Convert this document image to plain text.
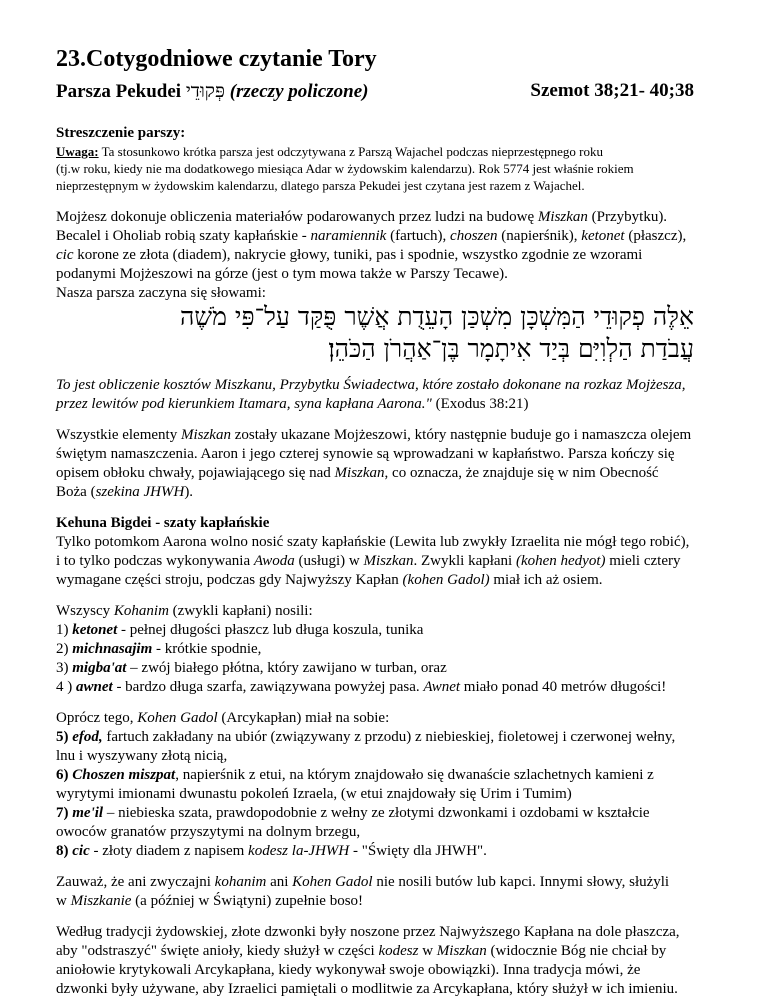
23.Cotygodniowe czytanie Tory
Parsza Pekudei פְּקוּדֵי (rzeczy policzone)	Szemot 38;21- 40;38
Streszczenie parszy:
Uwaga: Ta stosunkowo krótka parsza jest odczytywana z Parszą Wajachel podczas nieprzestępnego roku
(tj.w roku, kiedy nie ma dodatkowego miesiąca Adar w żydowskim kalendarzu). Rok 5774 jest właśnie rokiem
nieprzestępnym w żydowskim kalendarzu, dlatego parsza Pekudei jest czytana jest razem z Wajachel.
Mojżesz dokonuje obliczenia materiałów podarowanych przez ludzi na budowę Miszkan (Przybytku).
Becalel i Oholiab robią szaty kapłańskie - naramiennik (fartuch), choszen (napierśnik), ketonet (płaszcz),
cic korone ze złota (diadem), nakrycie głowy, tuniki, pas i spodnie, wszystko zgodnie ze wzorami
podanymi Mojżeszowi na górze (jest o tym mowa także w Parszy Tecawe).
Nasza parsza zaczyna się słowami:
אֵלֶּה פְקוּדֵי הַמִּשְׁכָּן מִשְׁכַּן הָעֵדֻת אֲשֶׁר פֻּקַּד עַל־פִּי מֹשֶׁה
עֲבֹדַת הַלְוִיִּם בְּיַד אִיתָמָר בֶּן־אַהֲרֹן הַכֹּהֵן׃
To jest obliczenie kosztów Miszkanu, Przybytku Świadectwa, które zostało dokonane na rozkaz Mojżesza,
przez lewitów pod kierunkiem Itamara, syna kapłana Aarona." (Exodus 38:21)
Wszystkie elementy Miszkan zostały ukazane Mojżeszowi, który następnie buduje go i namaszcza olejem
świętym namaszczenia. Aaron i jego czterej synowie są wprowadzani w kapłaństwo. Parsza kończy się
opisem obłoku chwały, pojawiającego się nad Miszkan, co oznacza, że znajduje się w nim Obecność
Boża (szekina JHWH).
Kehuna Bigdei - szaty kapłańskie
Tylko potomkom Aarona wolno nosić szaty kapłańskie (Lewita lub zwykły Izraelita nie mógł tego robić),
i to tylko podczas wykonywania Awoda (usługi) w Miszkan. Zwykli kapłani (kohen hedyot) mieli cztery
wymagane części stroju, podczas gdy Najwyższy Kapłan (kohen Gadol) miał ich aż osiem.
Wszyscy Kohanim (zwykli kapłani) nosili:
1) ketonet - pełnej długości płaszcz lub długa koszula, tunika
2) michnasajim - krótkie spodnie,
3) migba'at – zwój białego płótna, który zawijano w turban, oraz
4 ) awnet - bardzo długa szarfa, zawiązywana powyżej pasa. Awnet miało ponad 40 metrów długości!
Oprócz tego, Kohen Gadol (Arcykapłan) miał na sobie:
5) efod, fartuch zakładany na ubiór (związywany z przodu) z niebieskiej, fioletowej i czerwonej wełny,
lnu i wyszywany złotą nicią,
6) Choszen miszpat, napierśnik z etui, na którym znajdowało się dwanaście szlachetnych kamieni z
wyrytymi imionami dwunastu pokoleń Izraela, (w etui znajdowały się Urim i Tumim)
7) me'il – niebieska szata, prawdopodobnie z wełny ze złotymi dzwonkami i ozdobami w kształcie
owoców granatów przyszytymi na dolnym brzegu,
8) cic - złoty diadem z napisem kodesz la-JHWH - "Święty dla JHWH".
Zauważ, że ani zwyczajni kohanim ani Kohen Gadol nie nosili butów lub kapci. Innymi słowy, służyli
w Miszkanie (a później w Świątyni) zupełnie boso!
Według tradycji żydowskiej, złote dzwonki były noszone przez Najwyższego Kapłana na dole płaszcza,
aby "odstraszyć" święte anioły, kiedy służył w części kodesz w Miszkan (widocznie Bóg nie chciał by
aniołowie krytykowali Arcykapłana, kiedy wykonywał swoje obowiązki). Inna tradycja mówi, że
dzwonki były używane, aby Izraelici pamiętali o modlitwie za Arcykapłana, który służył w ich imieniu.
